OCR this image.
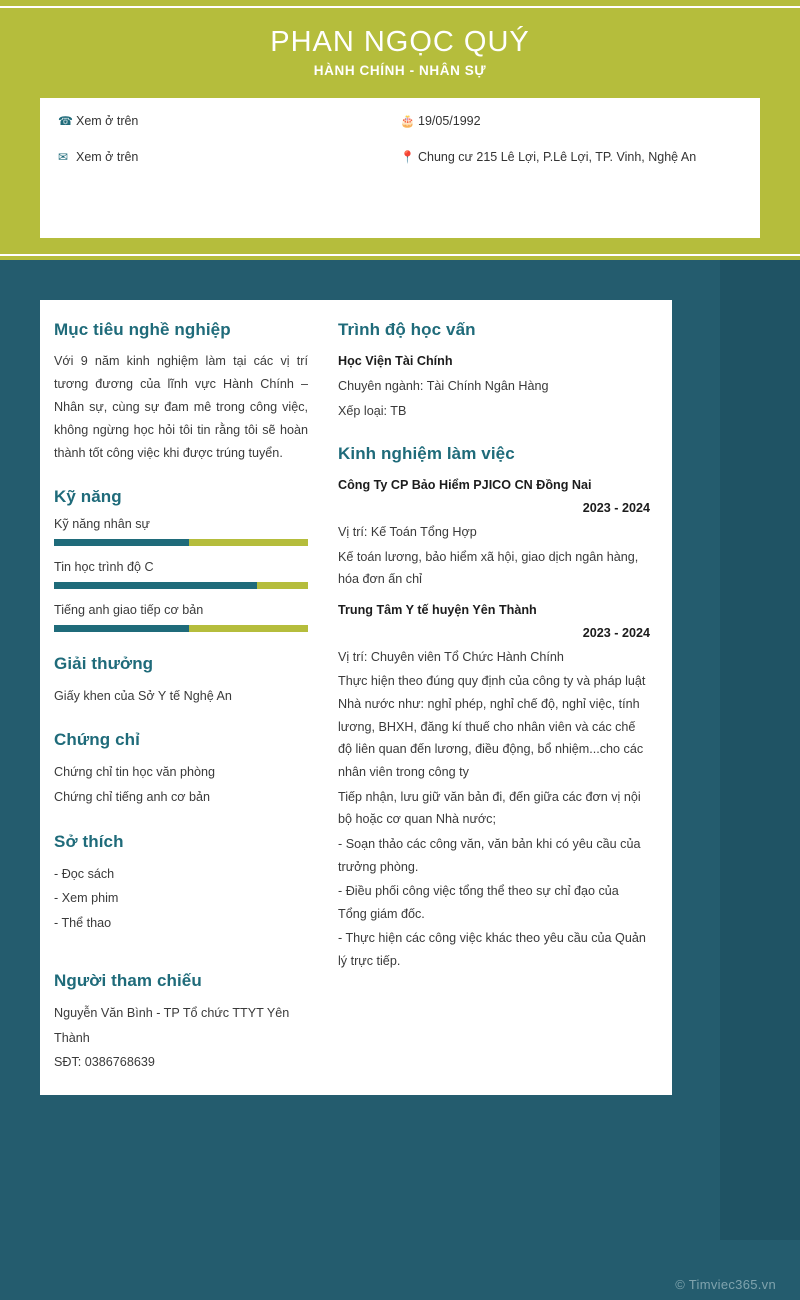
PHAN NGỌC QUÝ
HÀNH CHÍNH - NHÂN SỰ
☎ Xem ở trên
✉ Xem ở trên
🎂 19/05/1992
📍 Chung cư 215 Lê Lợi, P.Lê Lợi, TP. Vinh, Nghệ An
Mục tiêu nghề nghiệp

Với 9 năm kinh nghiệm làm tại các vị trí tương đương của lĩnh vực Hành Chính – Nhân sự, cùng sự đam mê trong công việc, không ngừng học hỏi tôi tin rằng tôi sẽ hoàn thành tốt công việc khi được trúng tuyển.

Kỹ năng
Kỹ năng nhân sự
Tin học trình độ C
Tiếng anh giao tiếp cơ bản
Giải thưởng

Giấy khen của Sở Y tế Nghệ An

Chứng chỉ

Chứng chỉ tin học văn phòng

Chứng chỉ tiếng anh cơ bản

Sở thích

- Đọc sách

- Xem phim

- Thể thao

Người tham chiếu

Nguyễn Văn Bình - TP Tổ chức TTYT Yên Thành

SĐT: 0386768639

Trình độ học vấn

Học Viện Tài Chính

Chuyên ngành: Tài Chính Ngân Hàng

Xếp loại: TB

Kinh nghiệm làm việc

Công Ty CP Bảo Hiểm PJICO CN Đồng Nai

2023 - 2024

Vị trí: Kế Toán Tổng Hợp

Kế toán lương, bảo hiểm xã hội, giao dịch ngân hàng, hóa đơn ấn chỉ

Trung Tâm Y tế huyện Yên Thành

2023 - 2024

Vị trí: Chuyên viên Tổ Chức Hành Chính

Thực hiện theo đúng quy định của công ty và pháp luật Nhà nước như: nghỉ phép, nghỉ chế độ, nghỉ việc, tính lương, BHXH, đăng kí thuế cho nhân viên và các chế độ liên quan đến lương, điều động, bổ nhiệm...cho các nhân viên trong công ty

Tiếp nhận, lưu giữ văn bản đi, đến giữa các đơn vị nội bộ hoặc cơ quan Nhà nước;

- Soạn thảo các công văn, văn bản khi có yêu cầu của trưởng phòng.

- Điều phối công việc tổng thể theo sự chỉ đạo của Tổng giám đốc.

- Thực hiện các công việc khác theo yêu cầu của Quản lý trực tiếp.

© Timviec365.vn
